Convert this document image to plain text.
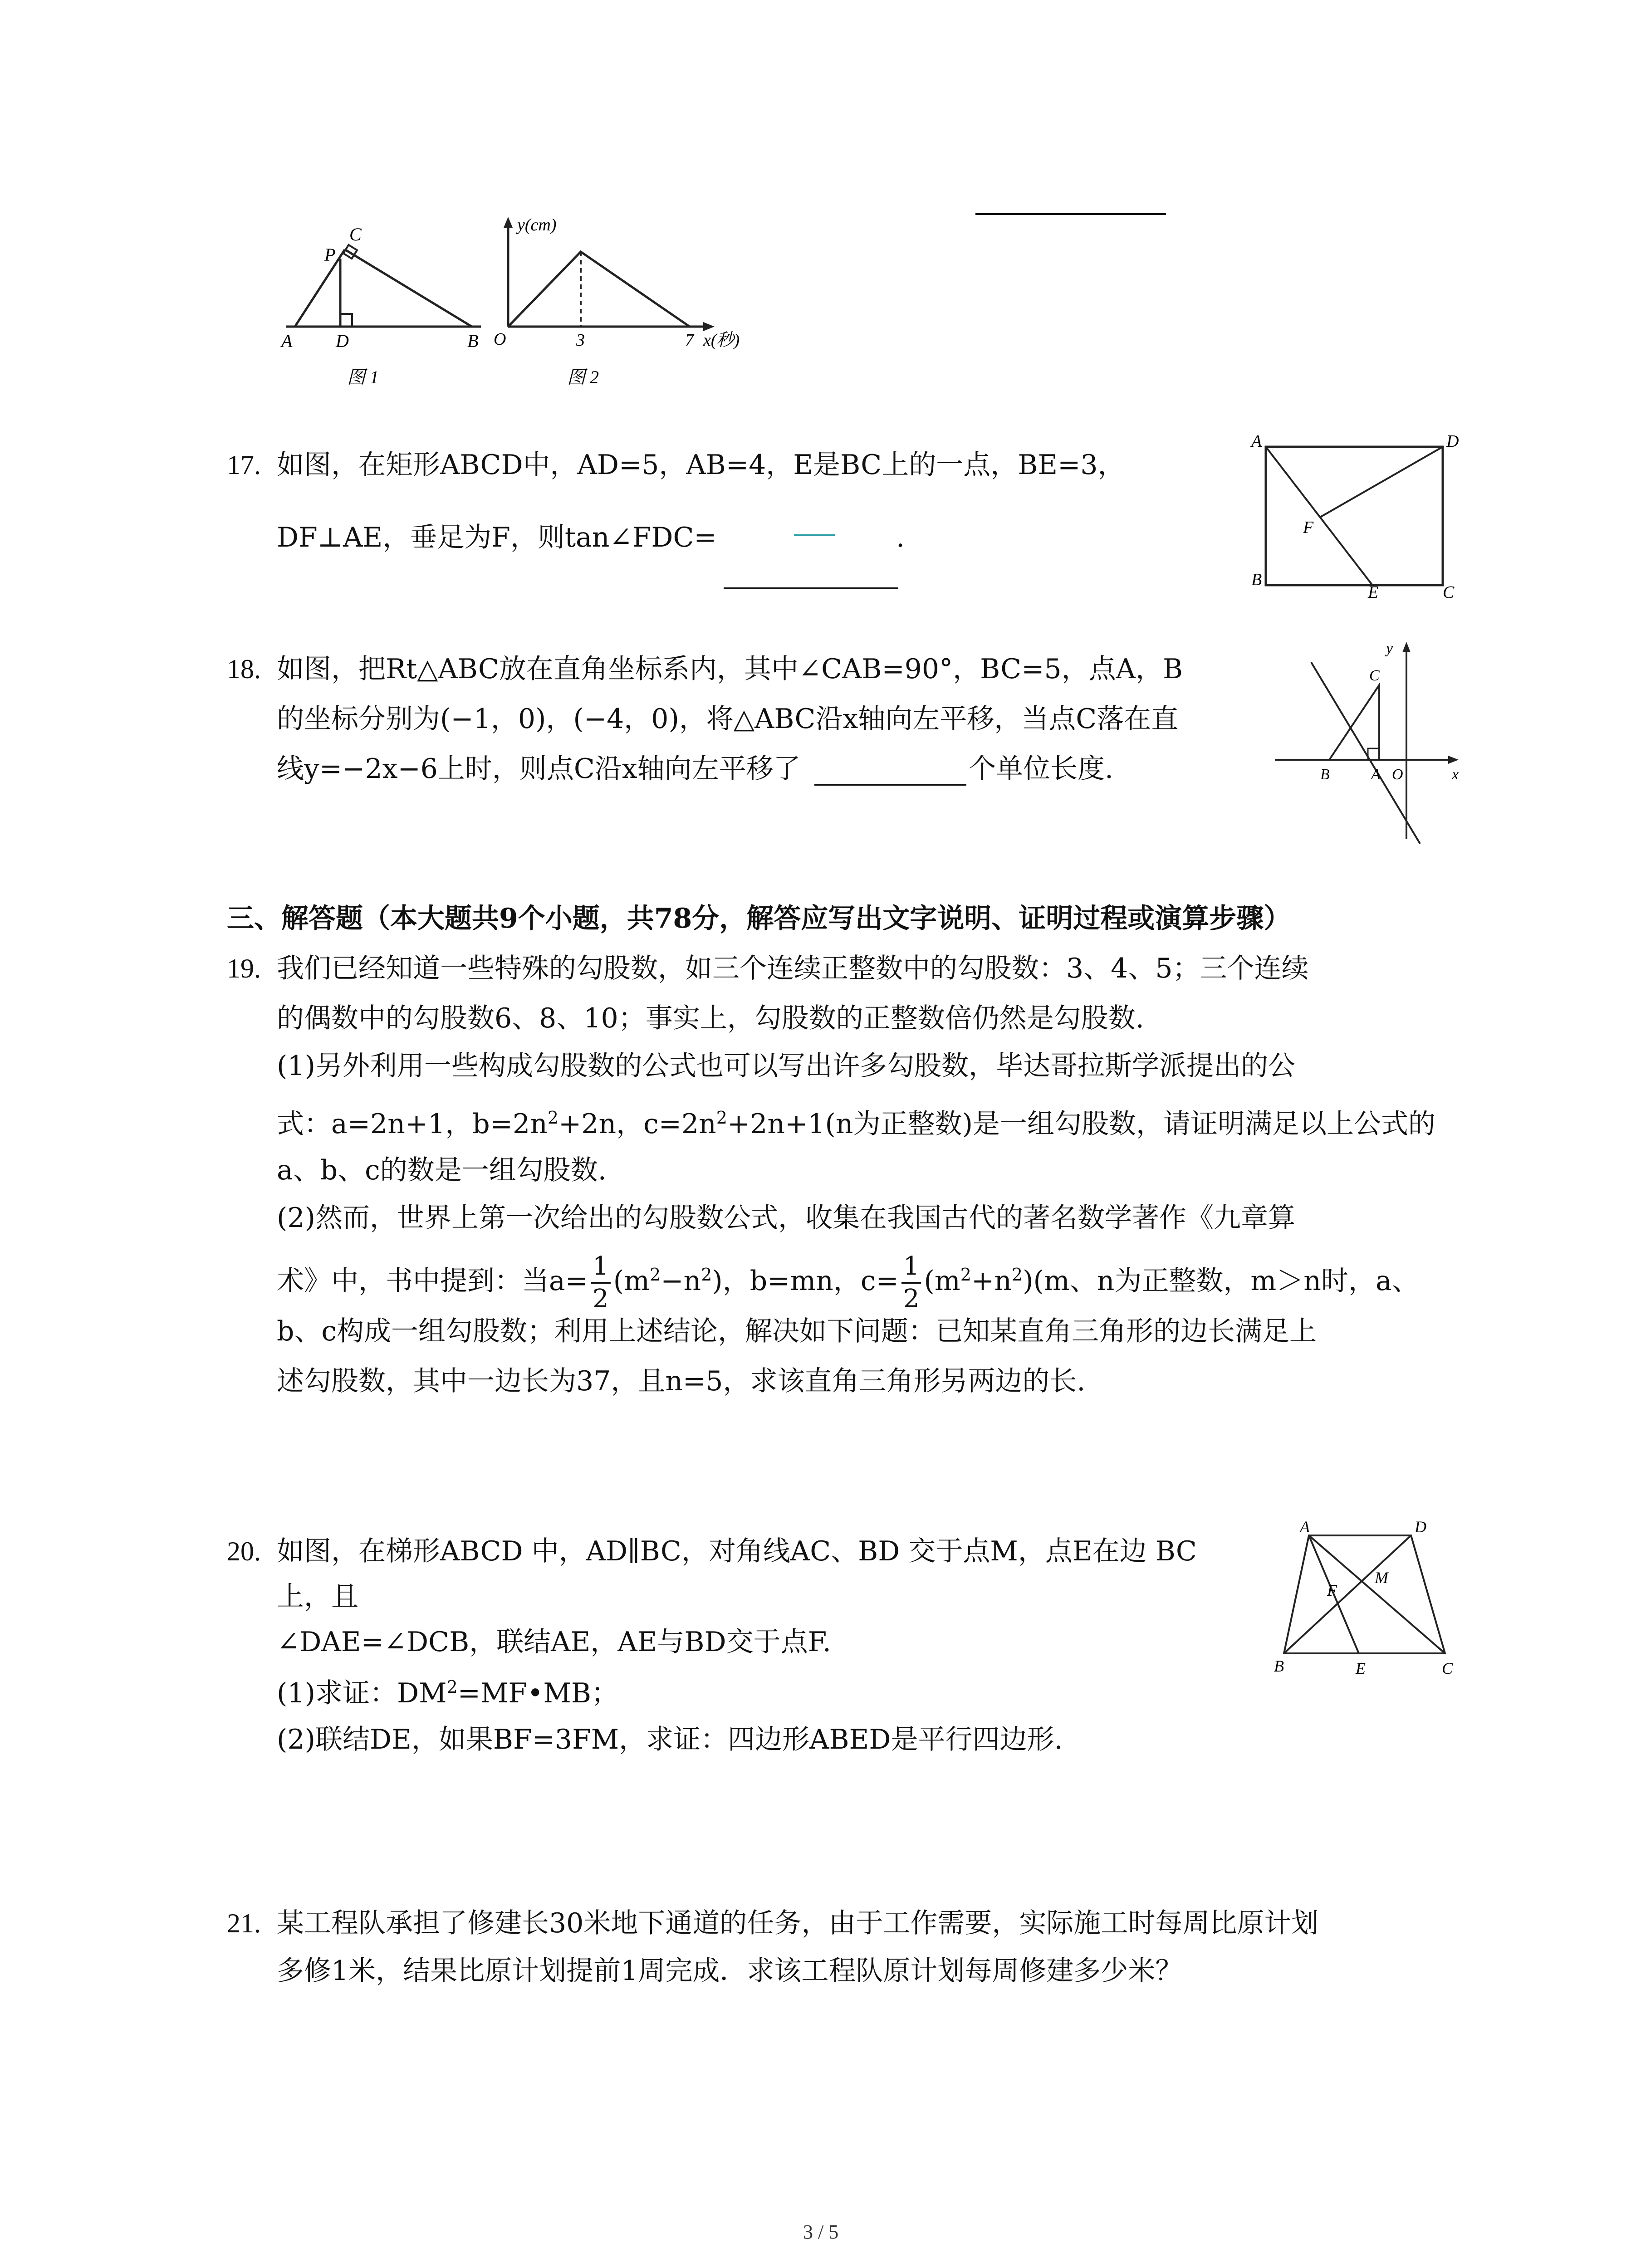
C
P
A D	B
图 1
y(cm)
O	3	7 x(秒)
图 2
17. 如图，在矩形ABCD中，AD=5，AB=4，E是BC上的一点，BE=3，
DF⊥AE，垂足为F，则tan∠FDC=	.
A	D
F
B
E	C
18. 如图，把Rt△ABC放在直角坐标系内，其中∠CAB=90°，BC=5，点A，B
的坐标分别为(−1，0)，(−4，0)，将△ABC沿x轴向左平移，当点C落在直
线y=−2x−6上时，则点C沿x轴向左平移了	个单位长度.
y
C
B	A O	x
三、解答题（本大题共9个小题，共78分，解答应写出文字说明、证明过程或演算步骤）
19. 我们已经知道一些特殊的勾股数，如三个连续正整数中的勾股数：3、4、5；三个连续
的偶数中的勾股数6、8、10；事实上，勾股数的正整数倍仍然是勾股数.
(1)另外利用一些构成勾股数的公式也可以写出许多勾股数，毕达哥拉斯学派提出的公
式：a=2n+1，$b=2n^2+2n$，$c=2n^2+2n+1(n$为正整数)是一组勾股数，请证明满足以上公式的
a、b、c的数是一组勾股数.
(2)然而，世界上第一次给出的勾股数公式，收集在我国古代的著名数学著作《九章算
术》中，书中提到：当$a= \frac{1}{2} (m^2-n^2)$，b=mn，$c= \frac{1}{2} (m^2+n^2)(m$、n为正整数，m＞n时，a、
b、c构成一组勾股数；利用上述结论，解决如下问题：已知某直角三角形的边长满足上
述勾股数，其中一边长为37，且n=5，求该直角三角形另两边的长.
20. 如图，在梯形ABCD 中，AD∥BC，对角线AC、BD 交于点M，点E在边 BC
上，且
∠DAE=∠DCB，联结AE，AE与BD交于点F.
(1)求证：$DM^2=MF•MB$；
(2)联结DE，如果BF=3FM，求证：四边形ABED是平行四边形.
A	D
M
F
B	E	C
21. 某工程队承担了修建长30米地下通道的任务，由于工作需要，实际施工时每周比原计划
多修1米，结果比原计划提前1周完成．求该工程队原计划每周修建多少米？
3 / 5
